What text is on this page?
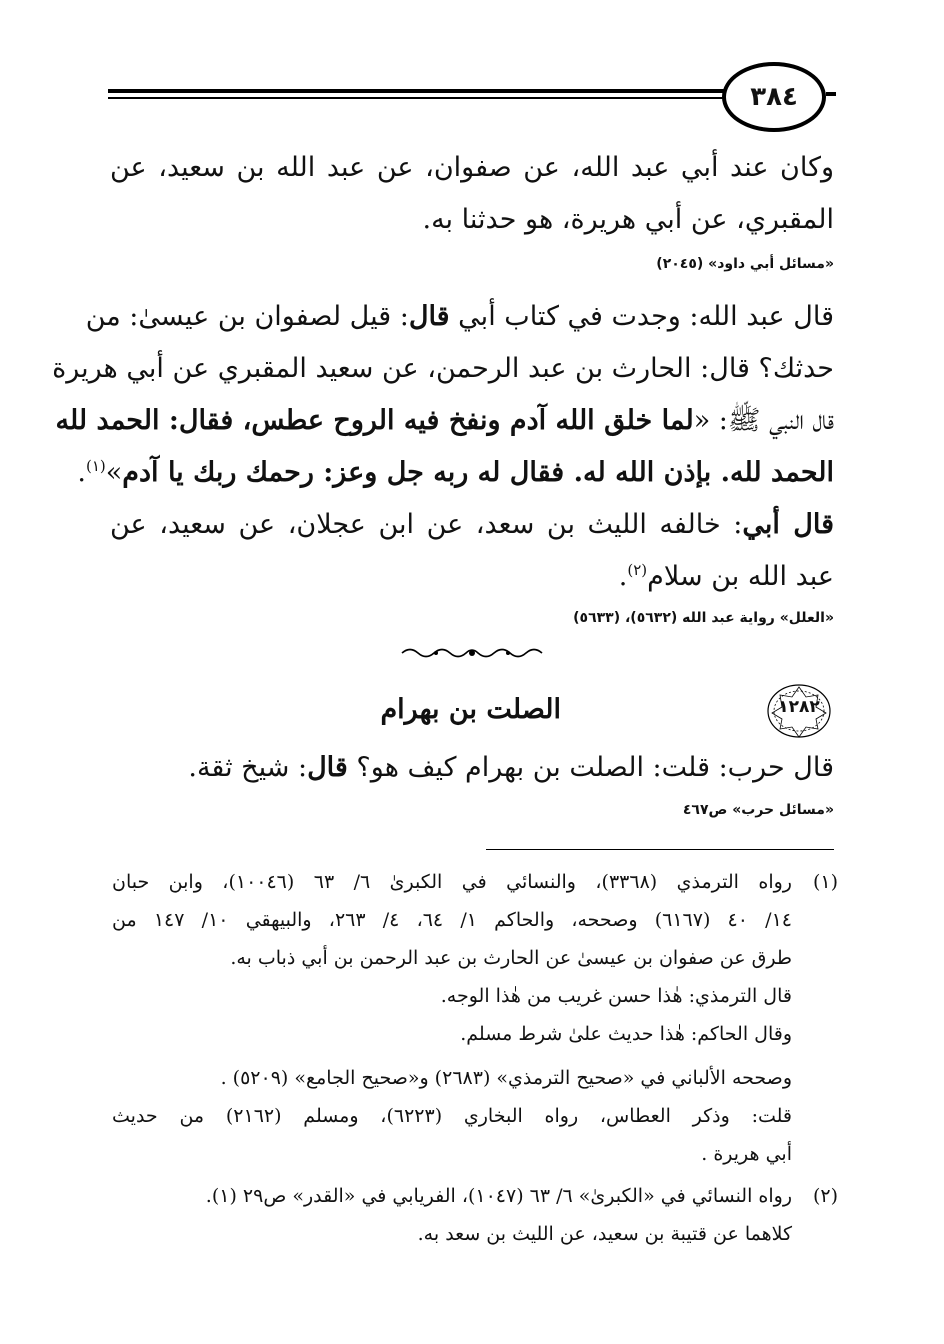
٣٨٤
وكان عند أبي عبد الله، عن صفوان، عن عبد الله بن سعيد، عن
المقبري، عن أبي هريرة، هو حدثنا به.
«مسائل أبي داود» (٢٠٤٥)
قال عبد الله: وجدت في كتاب أبي قال: قيل لصفوان بن عيسىٰ: من
حدثك؟ قال: الحارث بن عبد الرحمن، عن سعيد المقبري عن أبي هريرة
قال النبي ﷺ: «لما خلق الله آدم ونفخ فيه الروح عطس، فقال: الحمد لله
الحمد لله. بإذن الله له. فقال له ربه جل وعز: رحمك ربك يا آدم»$^{(١)}$.
قال أبي: خالفه الليث بن سعد، عن ابن عجلان، عن سعيد، عن
عبد الله بن سلام$^{(٢)}$.
«العلل» رواية عبد الله (٥٦٣٢)، (٥٦٣٣)
١٢٨٢
الصلت بن بهرام
قال حرب: قلت: الصلت بن بهرام كيف هو؟ قال: شيخ ثقة.
«مسائل حرب» ص٤٦٧
(١)
رواه الترمذي (٣٣٦٨)، والنسائي في الكبرىٰ ٦/ ٦٣ (١٠٠٤٦)، وابن حبان
١٤/ ٤٠ (٦١٦٧) وصححه، والحاكم ١/ ٦٤، ٤/ ٢٦٣، والبيهقي ١٠/ ١٤٧ من
طرق عن صفوان بن عيسىٰ عن الحارث بن عبد الرحمن بن أبي ذباب به.
قال الترمذي: هٰذا حسن غريب من هٰذا الوجه.
وقال الحاكم: هٰذا حديث علىٰ شرط مسلم.
وصححه الألباني في «صحيح الترمذي» (٢٦٨٣) و«صحيح الجامع» (٥٢٠٩) .
قلت: وذكر العطاس، رواه البخاري (٦٢٢٣)، ومسلم (٢١٦٢) من حديث
أبي هريرة .
(٢)
رواه النسائي في «الكبرىٰ» ٦/ ٦٣ (١٠٤٧)، الفريابي في «القدر» ص٢٩ (١).
كلاهما عن قتيبة بن سعيد، عن الليث بن سعد به.
